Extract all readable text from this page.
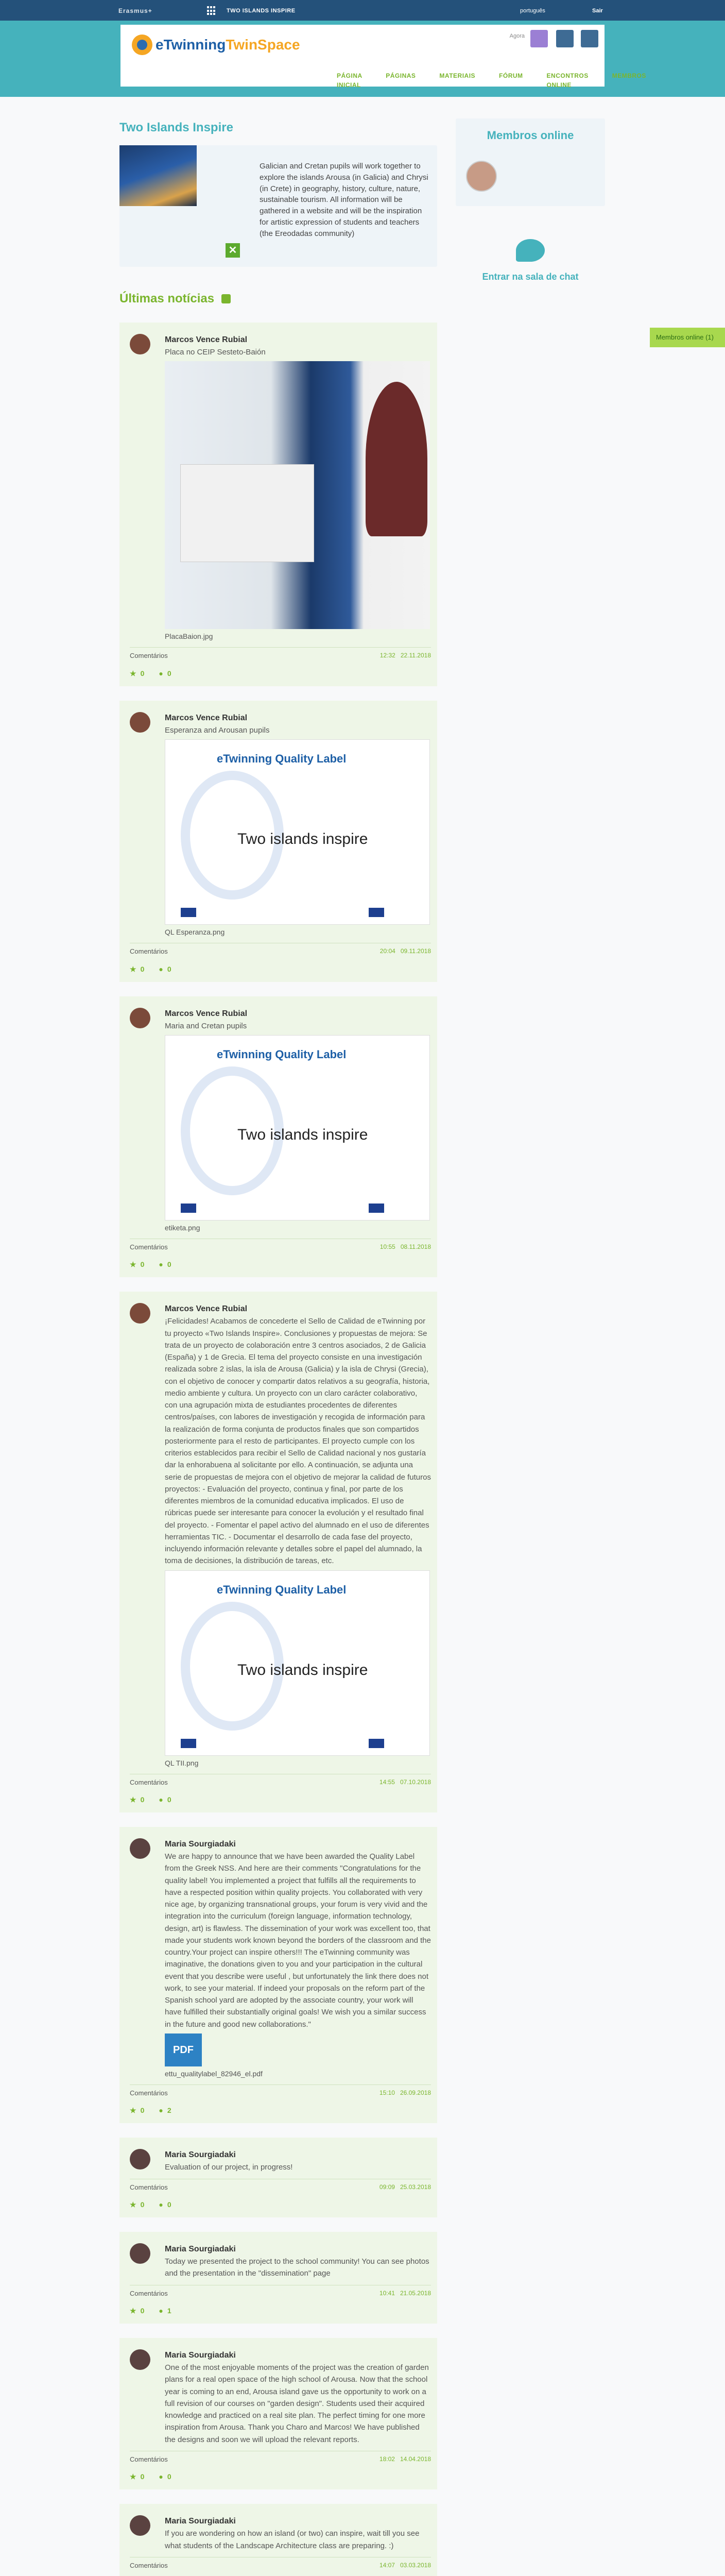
Erasmus+	TWO ISLANDS INSPIRE	português	Sair
eTwinningTwinSpace
Agora
PÁGINA INICIAL
PÁGINAS	MATERIAIS	FÓRUM	ENCONTROS ONLINE
MEMBROS
Two Islands Inspire

Galician and Cretan pupils will work together to explore the islands Arousa (in Galicia) and Chrysi (in Crete) in geography, history, culture, nature, sustainable tourism. All information will be gathered in a website and will be the inspiration for artistic expression of students and teachers (the Ereodadas community)

✕
Últimas notícias
Marcos Vence Rubial
Placa no CEIP Sesteto-Baión
PlacaBaion.jpg
Comentários	12:32 22.11.2018
★ 0 ● 0
Marcos Vence Rubial
Esperanza and Arousan pupils
eTwinning Quality Label
Two islands inspire
QL Esperanza.png
Comentários	20:04 09.11.2018
★ 0 ● 0
Marcos Vence Rubial
Maria and Cretan pupils
eTwinning Quality Label
Two islands inspire
etiketa.png
Comentários	10:55 08.11.2018
★ 0 ● 0
Marcos Vence Rubial
¡Felicidades! Acabamos de concederte el Sello de Calidad de eTwinning por tu proyecto «Two Islands Inspire». Conclusiones y propuestas de mejora: Se trata de un proyecto de colaboración entre 3 centros asociados, 2 de Galicia (España) y 1 de Grecia. El tema del proyecto consiste en una investigación realizada sobre 2 islas, la isla de Arousa (Galicia) y la isla de Chrysi (Grecia), con el objetivo de conocer y compartir datos relativos a su geografía, historia, medio ambiente y cultura. Un proyecto con un claro carácter colaborativo, con una agrupación mixta de estudiantes procedentes de diferentes centros/países, con labores de investigación y recogida de información para la realización de forma conjunta de productos finales que son compartidos posteriormente para el resto de participantes. El proyecto cumple con los criterios establecidos para recibir el Sello de Calidad nacional y nos gustaría dar la enhorabuena al solicitante por ello. A continuación, se adjunta una serie de propuestas de mejora con el objetivo de mejorar la calidad de futuros proyectos: - Evaluación del proyecto, continua y final, por parte de los diferentes miembros de la comunidad educativa implicados. El uso de rúbricas puede ser interesante para conocer la evolución y el resultado final del proyecto. - Fomentar el papel activo del alumnado en el uso de diferentes herramientas TIC. - Documentar el desarrollo de cada fase del proyecto, incluyendo información relevante y detalles sobre el papel del alumnado, la toma de decisiones, la distribución de tareas, etc.
eTwinning Quality Label
Two islands inspire
QL TII.png
Comentários	14:55 07.10.2018
★ 0 ● 0
Maria Sourgiadaki
We are happy to announce that we have been awarded the Quality Label from the Greek NSS. And here are their comments "Congratulations for the quality label! You implemented a project that fulfills all the requirements to have a respected position within quality projects. You collaborated with very nice age, by organizing transnational groups, your forum is very vivid and the integration into the curriculum (foreign language, information technology, design, art) is flawless. The dissemination of your work was excellent too, that made your students work known beyond the borders of the classroom and the country.Your project can inspire others!!! The eTwinning community was imaginative, the donations given to you and your participation in the cultural event that you describe were useful , but unfortunately the link there does not work, to see your material. If indeed your proposals on the reform part of the Spanish school yard are adopted by the associate country, your work will have fulfilled their substantially original goals! We wish you a similar success in the future and good new collaborations."
PDF
ettu_qualitylabel_82946_el.pdf
Comentários	15:10 26.09.2018
★ 0 ● 2
Maria Sourgiadaki
Evaluation of our project, in progress!
Comentários	09:09 25.03.2018
★ 0 ● 0
Maria Sourgiadaki
Today we presented the project to the school community! You can see photos and the presentation in the "dissemination" page
Comentários	10:41 21.05.2018
★ 0 ● 1
Maria Sourgiadaki
One of the most enjoyable moments of the project was the creation of garden plans for a real open space of the high school of Arousa. Now that the school year is coming to an end, Arousa island gave us the opportunity to work on a full revision of our courses on "garden design". Students used their acquired knowledge and practiced on a real site plan. The perfect timing for one more inspiration from Arousa. Thank you Charo and Marcos! We have published the designs and soon we will upload the relevant reports.
Comentários	18:02 14.04.2018
★ 0 ● 0
Maria Sourgiadaki
If you are wondering on how an island (or two) can inspire, wait till you see what students of the Landscape Architecture class are preparing. :)
Comentários	14:07 03.03.2018

Membros online
Entrar na sala de chat
Membros online (1)
